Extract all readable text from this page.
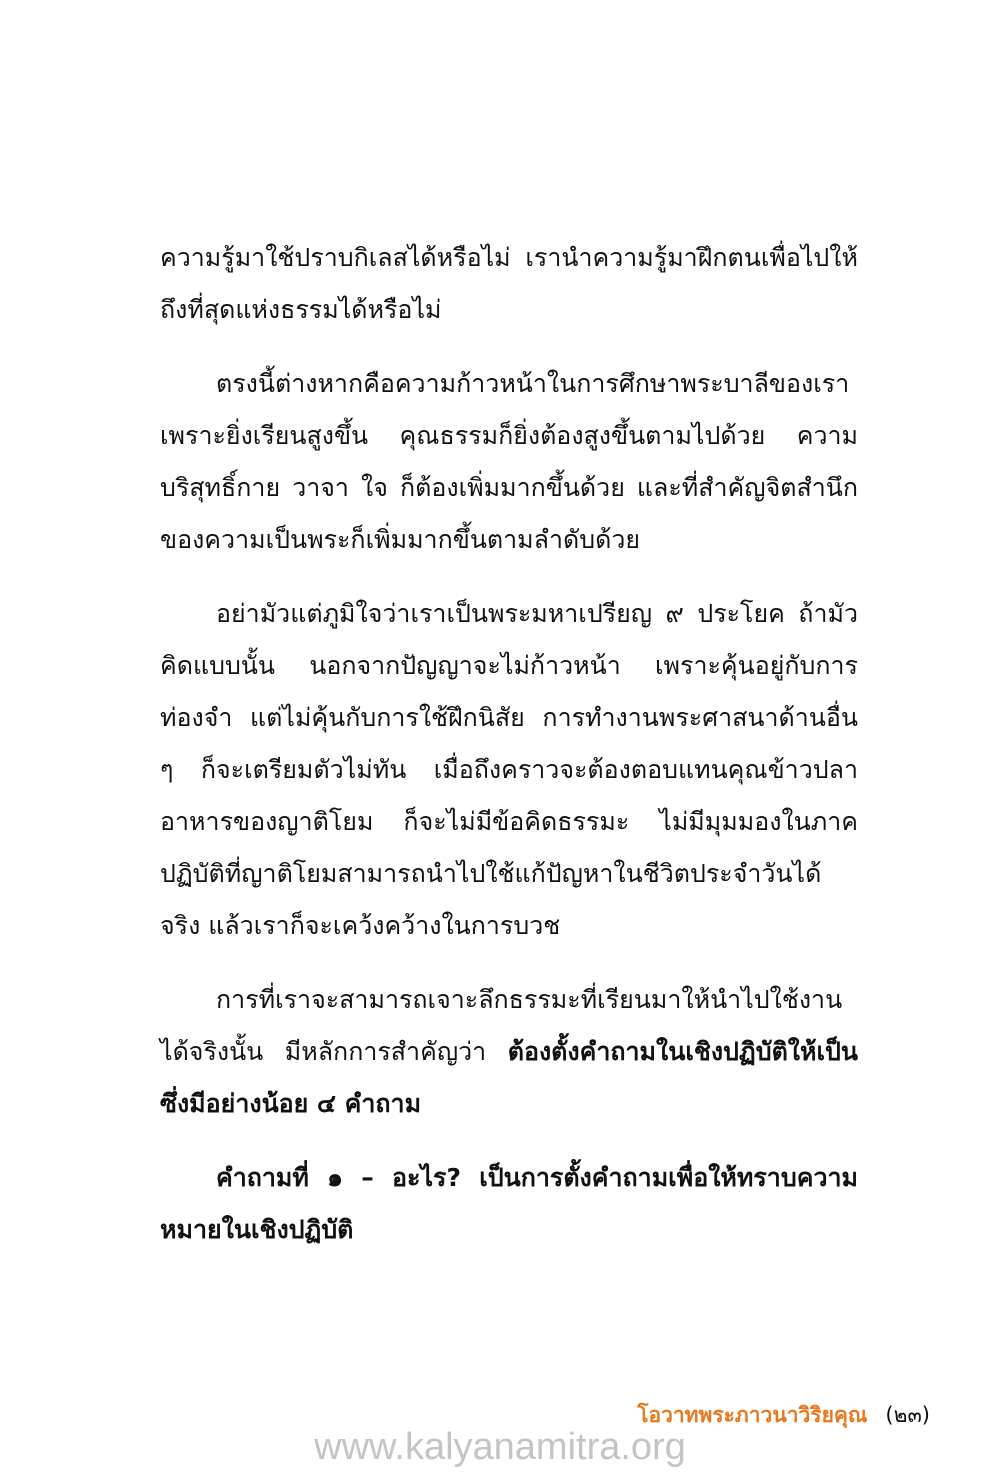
ความรู้มาใช้ปราบกิเลสได้หรือไม่ เรานำความรู้มาฝึกตนเพื่อไปให้ถึงที่สุดแห่งธรรมได้หรือไม่

ตรงนี้ต่างหากคือความก้าวหน้าในการศึกษาพระบาลีของเรา เพราะยิ่งเรียนสูงขึ้น คุณธรรมก็ยิ่งต้องสูงขึ้นตามไปด้วย ความบริสุทธิ์กาย วาจา ใจ ก็ต้องเพิ่มมากขึ้นด้วย และที่สำคัญจิตสำนึกของความเป็นพระก็เพิ่มมากขึ้นตามลำดับด้วย

อย่ามัวแต่ภูมิใจว่าเราเป็นพระมหาเปรียญ ๙ ประโยค ถ้ามัวคิดแบบนั้น นอกจากปัญญาจะไม่ก้าวหน้า เพราะคุ้นอยู่กับการท่องจำ แต่ไม่คุ้นกับการใช้ฝึกนิสัย การทำงานพระศาสนาด้านอื่น ๆ ก็จะเตรียมตัวไม่ทัน เมื่อถึงคราวจะต้องตอบแทนคุณข้าวปลาอาหารของญาติโยม ก็จะไม่มีข้อคิดธรรมะ ไม่มีมุมมองในภาคปฏิบัติที่ญาติโยมสามารถนำไปใช้แก้ปัญหาในชีวิตประจำวันได้จริง แล้วเราก็จะเคว้งคว้างในการบวช

การที่เราจะสามารถเจาะลึกธรรมะที่เรียนมาให้นำไปใช้งานได้จริงนั้น มีหลักการสำคัญว่า ต้องตั้งคำถามในเชิงปฏิบัติให้เป็นซึ่งมีอย่างน้อย ๔ คำถาม

คำถามที่ ๑ – อะไร? เป็นการตั้งคำถามเพื่อให้ทราบความหมายในเชิงปฏิบัติ

โอวาทพระภาวนาวิริยคุณ (๒๓)
www.kalyanamitra.org
